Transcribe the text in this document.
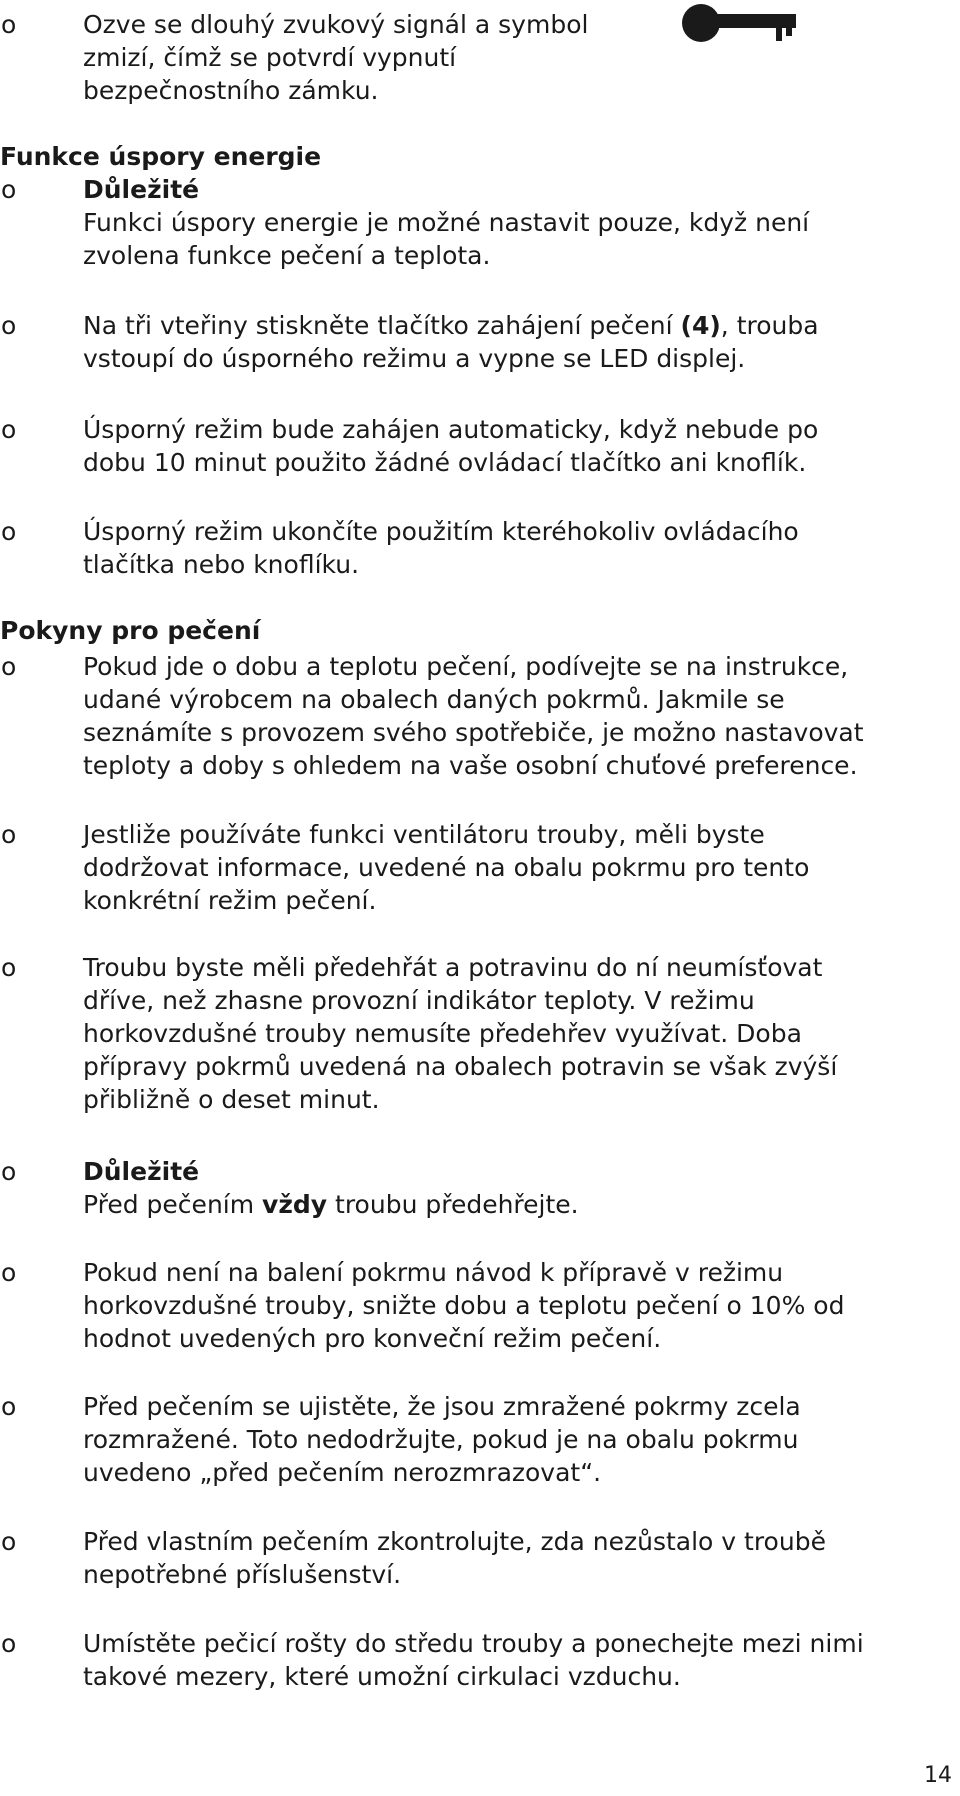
o	Ozve se dlouhý zvukový signál a symbol
zmizí, čímž se potvrdí vypnutí
bezpečnostního zámku.
Funkce úspory energie
o	Důležité
Funkci úspory energie je možné nastavit pouze, když není
zvolena funkce pečení a teplota.
o	Na tři vteřiny stiskněte tlačítko zahájení pečení (4), trouba
vstoupí do úsporného režimu a vypne se LED displej.
o	Úsporný režim bude zahájen automaticky, když nebude po
dobu 10 minut použito žádné ovládací tlačítko ani knoflík.
o	Úsporný režim ukončíte použitím kteréhokoliv ovládacího
tlačítka nebo knoflíku.
Pokyny pro pečení
o	Pokud jde o dobu a teplotu pečení, podívejte se na instrukce,
udané výrobcem na obalech daných pokrmů. Jakmile se
seznámíte s provozem svého spotřebiče, je možno nastavovat
teploty a doby s ohledem na vaše osobní chuťové preference.
o	Jestliže používáte funkci ventilátoru trouby, měli byste
dodržovat informace, uvedené na obalu pokrmu pro tento
konkrétní režim pečení.
o	Troubu byste měli předehřát a potravinu do ní neumísťovat
dříve, než zhasne provozní indikátor teploty. V režimu
horkovzdušné trouby nemusíte předehřev využívat. Doba
přípravy pokrmů uvedená na obalech potravin se však zvýší
přibližně o deset minut.
o	Důležité
Před pečením vždy troubu předehřejte.
o	Pokud není na balení pokrmu návod k přípravě v režimu
horkovzdušné trouby, snižte dobu a teplotu pečení o 10% od
hodnot uvedených pro konveční režim pečení.
o	Před pečením se ujistěte, že jsou zmražené pokrmy zcela
rozmražené. Toto nedodržujte, pokud je na obalu pokrmu
uvedeno „před pečením nerozmrazovat“.
o	Před vlastním pečením zkontrolujte, zda nezůstalo v troubě
nepotřebné příslušenství.
o	Umístěte pečicí rošty do středu trouby a ponechejte mezi nimi
takové mezery, které umožní cirkulaci vzduchu.
14
